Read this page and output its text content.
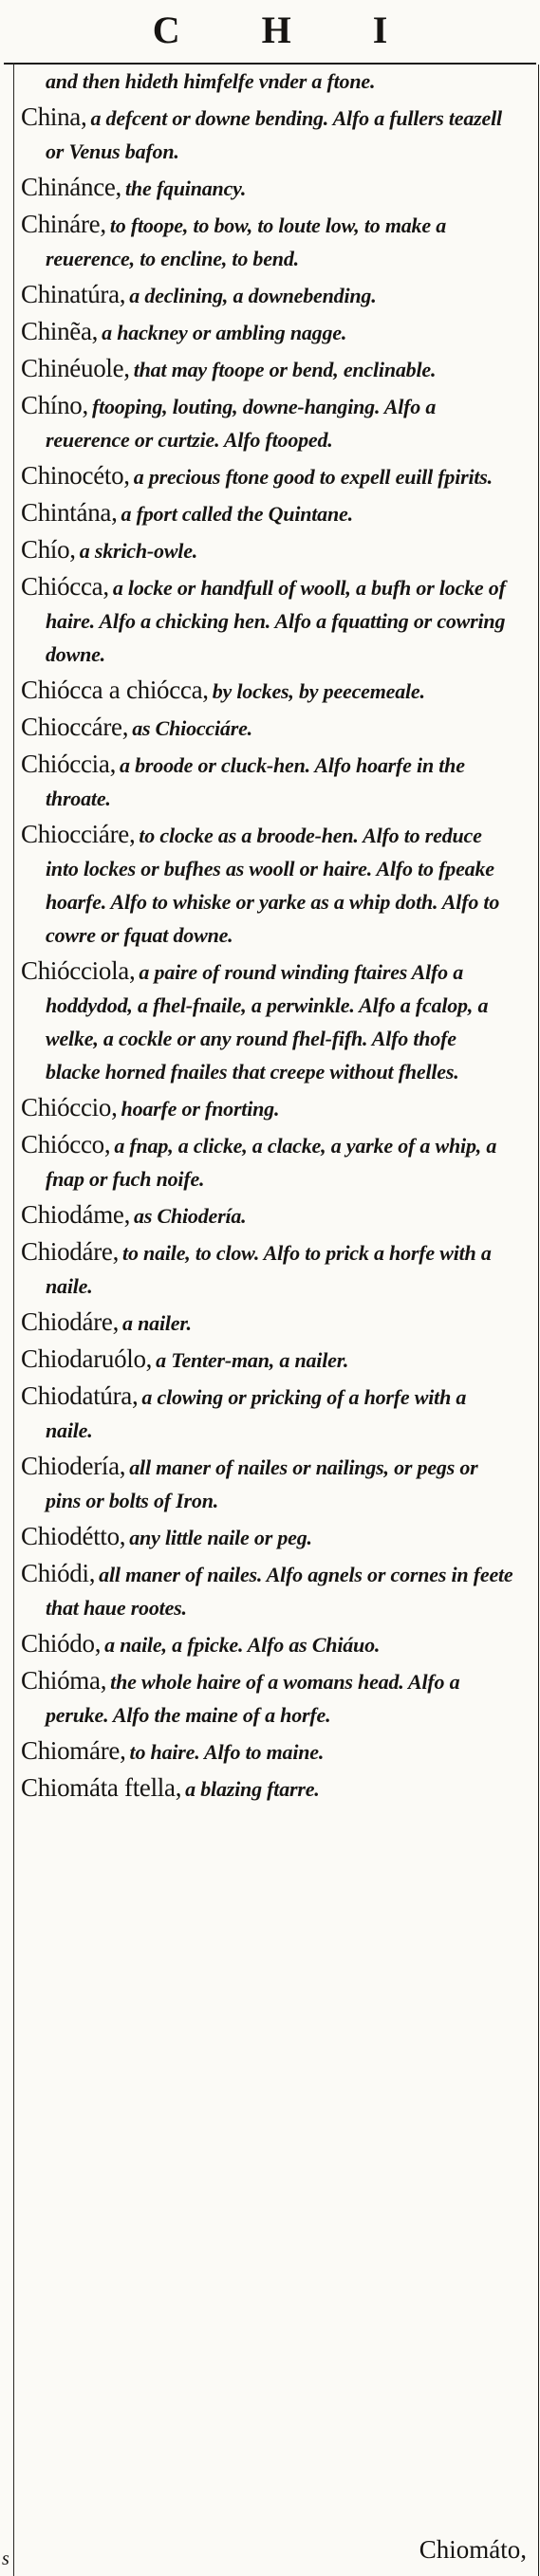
C H I
s
and then hideth himfelfe vnder a ftone.
China, a defcent or downe bending. Alfo a fullers teazell or Venus bafon.
Chinánce, the fquinancy.
Chináre, to ftoope, to bow, to loute low, to make a reuerence, to encline, to bend.
Chinatúra, a declining, a downebending.
Chinẽa, a hackney or ambling nagge.
Chinéuole, that may ftoope or bend, enclinable.
Chíno, ftooping, louting, downe-hanging. Alfo a reuerence or curtzie. Alfo ftooped.
Chinocéto, a precious ftone good to expell euill fpirits.
Chintána, a fport called the Quintane.
Chío, a skrich-owle.
Chiócca, a locke or handfull of wooll, a bufh or locke of haire. Alfo a chicking hen. Alfo a fquatting or cowring downe.
Chiócca a chiócca, by lockes, by peecemeale.
Chioccáre, as Chiocciáre.
Chióccia, a broode or cluck-hen. Alfo hoarfe in the throate.
Chiocciáre, to clocke as a broode-hen. Alfo to reduce into lockes or bufhes as wooll or haire. Alfo to fpeake hoarfe. Alfo to whiske or yarke as a whip doth. Alfo to cowre or fquat downe.
Chiócciola, a paire of round winding ftaires Alfo a hoddydod, a fhel-fnaile, a perwinkle. Alfo a fcalop, a welke, a cockle or any round fhel-fifh. Alfo thofe blacke horned fnailes that creepe without fhelles.
Chióccio, hoarfe or fnorting.
Chiócco, a fnap, a clicke, a clacke, a yarke of a whip, a fnap or fuch noife.
Chiodáme, as Chiodería.
Chiodáre, to naile, to clow. Alfo to prick a horfe with a naile.
Chiodáre, a nailer.
Chiodaruólo, a Tenter-man, a nailer.
Chiodatúra, a clowing or pricking of a horfe with a naile.
Chiodería, all maner of nailes or nailings, or pegs or pins or bolts of Iron.
Chiodétto, any little naile or peg.
Chiódi, all maner of nailes. Alfo agnels or cornes in feete that haue rootes.
Chiódo, a naile, a fpicke. Alfo as Chiáuo.
Chióma, the whole haire of a womans head. Alfo a peruke. Alfo the maine of a horfe.
Chiomáre, to haire. Alfo to maine.
Chiomáta ftella, a blazing ftarre.
Chiomáto,
